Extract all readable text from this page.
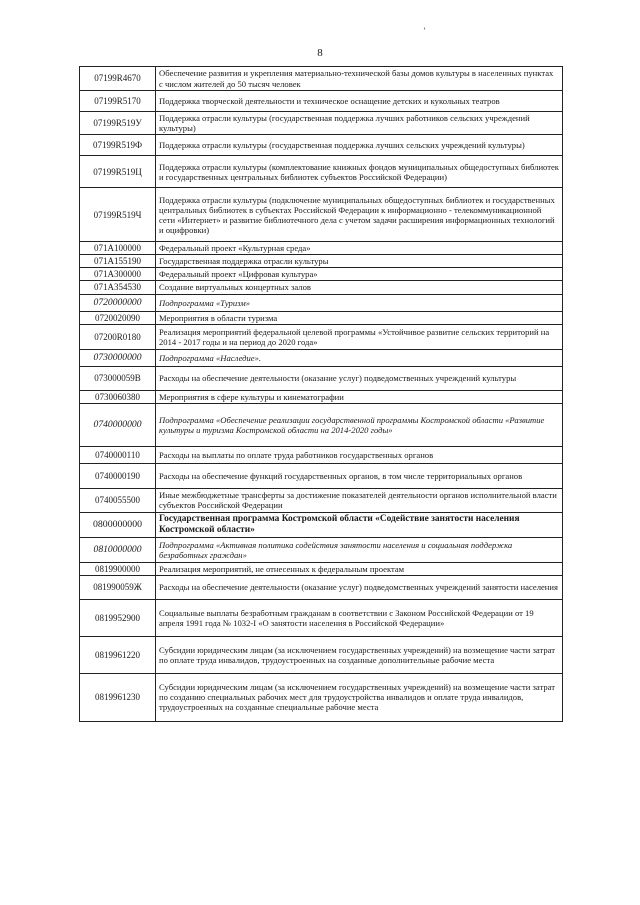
8
’
07199R4670	Обеспечение развития и укрепления материально-технической базы домов культуры в населенных пунктах с числом жителей до 50 тысяч человек
07199R5170	Поддержка творческой деятельности и техническое оснащение детских и кукольных театров
07199R519У	Поддержка отрасли культуры (государственная поддержка лучших работников сельских учреждений культуры)
07199R519Ф	Поддержка отрасли культуры (государственная поддержка лучших сельских учреждений культуры)
07199R519Ц	Поддержка отрасли культуры (комплектование книжных фондов муниципальных общедоступных библиотек и государственных центральных библиотек субъектов Российской Федерации)
07199R519Ч	Поддержка отрасли культуры (подключение муниципальных общедоступных библиотек и государственных центральных библиотек в субъектах Российской Федерации к информационно - телекоммуникационной сети «Интернет» и развитие библиотечного дела с учетом задачи расширения информационных технологий и оцифровки)
071А100000	Федеральный проект «Культурная среда»
071А155190	Государственная поддержка отрасли культуры
071А300000	Федеральный проект «Цифровая культура»
071А354530	Создание виртуальных концертных залов
0720000000	Подпрограмма «Туризм»
0720020090	Мероприятия в области туризма
07200R0180	Реализация мероприятий федеральной целевой программы «Устойчивое развитие сельских территорий на 2014 - 2017 годы и на период до 2020 года»
0730000000	Подпрограмма «Наследие».
073000059В	Расходы на обеспечение деятельности (оказание услуг) подведомственных учреждений культуры
0730060380	Мероприятия в сфере культуры и кинематографии
0740000000	Подпрограмма «Обеспечение реализации государственной программы Костромской области «Развитие культуры и туризма Костромской области на 2014-2020 годы»
0740000110	Расходы на выплаты по оплате труда работников государственных органов
0740000190	Расходы на обеспечение функций государственных органов, в том числе территориальных органов
0740055500	Иные межбюджетные трансферты за достижение показателей деятельности органов исполнительной власти субъектов Российской Федерации
0800000000	Государственная программа Костромской области «Содействие занятости населения Костромской области»
0810000000	Подпрограмма «Активная политика содействия занятости населения и социальная поддержка безработных граждан»
0819900000	Реализация мероприятий, не отнесенных к федеральным проектам
081990059Ж	Расходы на обеспечение деятельности (оказание услуг) подведомственных учреждений занятости населения
0819952900	Социальные выплаты безработным гражданам в соответствии с Законом Российской Федерации от 19 апреля 1991 года № 1032-I «О занятости населения в Российской Федерации»
0819961220	Субсидии юридическим лицам (за исключением государственных учреждений) на возмещение части затрат по оплате труда инвалидов, трудоустроенных на созданные дополнительные рабочие места
0819961230	Субсидии юридическим лицам (за исключением государственных учреждений) на возмещение части затрат по созданию специальных рабочих мест для трудоустройства инвалидов и оплате труда инвалидов, трудоустроенных на созданные специальные рабочие места
